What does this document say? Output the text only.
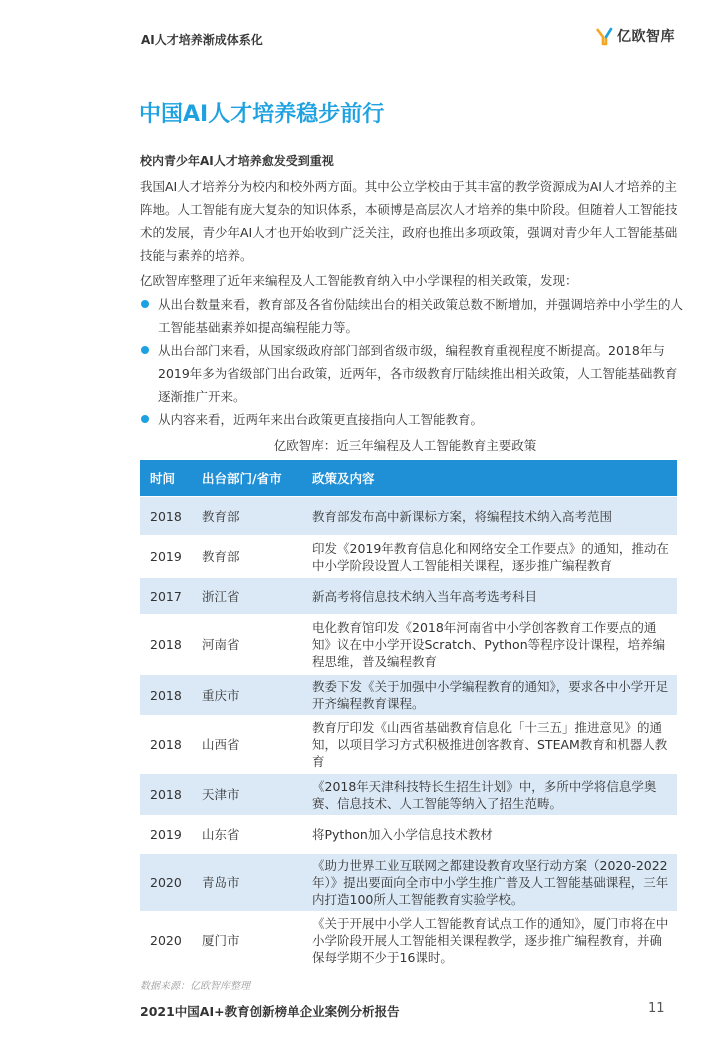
AI人才培养渐成体系化	亿欧智库
中国AI人才培养稳步前行
校内青少年AI人才培养愈发受到重视

我国AI人才培养分为校内和校外两方面。其中公立学校由于其丰富的教学资源成为AI人才培养的主阵地。人工智能有庞大复杂的知识体系，本硕博是高层次人才培养的集中阶段。但随着人工智能技术的发展，青少年AI人才也开始收到广泛关注，政府也推出多项政策，强调对青少年人工智能基础技能与素养的培养。

亿欧智库整理了近年来编程及人工智能教育纳入中小学课程的相关政策，发现：

从出台数量来看，教育部及各省份陆续出台的相关政策总数不断增加，并强调培养中小学生的人工智能基础素养如提高编程能力等。
从出台部门来看，从国家级政府部门部到省级市级，编程教育重视程度不断提高。2018年与2019年多为省级部门出台政策，近两年，各市级教育厅陆续推出相关政策，人工智能基础教育逐渐推广开来。
从内容来看，近两年来出台政策更直接指向人工智能教育。
亿欧智库：近三年编程及人工智能教育主要政策
时间	出台部门/省市	政策及内容
2018	教育部	教育部发布高中新课标方案，将编程技术纳入高考范围
2019	教育部	印发《2019年教育信息化和网络安全工作要点》的通知，推动在中小学阶段设置人工智能相关课程，逐步推广编程教育
2017	浙江省	新高考将信息技术纳入当年高考选考科目
2018	河南省	电化教育馆印发《2018年河南省中小学创客教育工作要点的通知》议在中小学开设Scratch、Python等程序设计课程，培养编程思维，普及编程教育
2018	重庆市	教委下发《关于加强中小学编程教育的通知》，要求各中小学开足开齐编程教育课程。
2018	山西省	教育厅印发《山西省基础教育信息化「十三五」推进意见》的通知，以项目学习方式积极推进创客教育、STEAM教育和机器人教育
2018	天津市	《2018年天津科技特长生招生计划》中，多所中学将信息学奥赛、信息技术、人工智能等纳入了招生范畴。
2019	山东省	将Python加入小学信息技术教材
2020	青岛市	《助力世界工业互联网之都建设教育攻坚行动方案（2020-2022年）》提出要面向全市中小学生推广普及人工智能基础课程，三年内打造100所人工智能教育实验学校。
2020	厦门市	《关于开展中小学人工智能教育试点工作的通知》，厦门市将在中小学阶段开展人工智能相关课程教学，逐步推广编程教育，并确保每学期不少于16课时。
数据来源：亿欧智库整理
2021中国AI+教育创新榜单企业案例分析报告	11
